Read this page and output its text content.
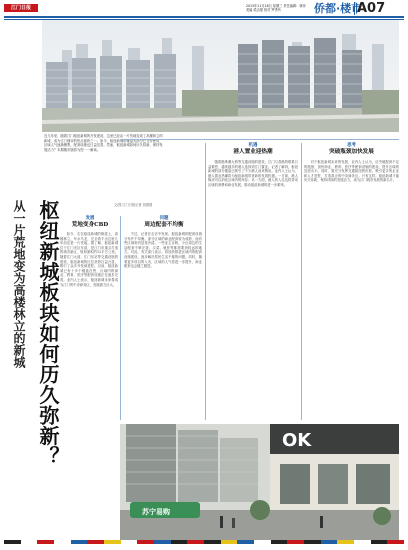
江门日报	2015年11月18日 星期三 责任编辑：林萍 美编 梁志强 校对 罗秀玲	侨都·楼市
A07
近几年来，随着江门枢纽新城的开发建设，这里已经由一片荒地变成了高楼林立的新城，成为江门楼市的热点板块之一。如今，枢纽新城的楼盘大部分已交付使用，区域人气逐渐聚集，配套设施也日益完善。然而，枢纽新城如何历久弥新，保持发展活力？本期楼市版将为您一一解读。
文/图 江门日报记者 刘国强
枢纽新城板块如何历久弥新？
从一片荒地变为高楼林立的新城	发展
荒地变身CBD

如今，走在枢纽新城的街道上，高楼林立，车水马龙，完全看不出这里几年前还是一片荒地。据了解，枢纽新城位于江门市区东部，是江门市重点打造的城市新区，规划面积约12平方公里。随着江门大道、江门东站等交通设施的建设，枢纽新城的区位优势日益凸显，吸引了众多开发商进驻。目前，枢纽新城已有十多个楼盘在售，区域内的商业、教育、医疗等配套设施正在逐步完善。业内人士表示，枢纽新城未来将成为江门的中央商务区，发展潜力巨大。

问题
周边配套不均衡

不过，记者在走访中发现，枢纽新城的配套设施分布并不均衡。部分区域的商业配套较为成熟，而有些区域则仍显得冷清。一些业主反映，小区周边的生活配套不够完善，买菜、就医等都需要到较远的地方。对此，有关部门表示，将加快推进区域内的配套设施建设，逐步解决居民生活不便的问题。同时，随着更多项目的入市，区域的人气将进一步提升，商业配套也会随之跟进。

机遇
港人置业迎热潮

随着港珠澳大桥等交通设施的建设，江门与香港的联系日益紧密，越来越多的港人选择到江门置业。记者了解到，枢纽新城的部分楼盘已吸引了不少港人前来购房。业内人士认为，港人置业热潮将为枢纽新城带来新的发展机遇。一方面，港人购房可以消化区域内的库存；另一方面，港人的入住也将带动区域的消费和商业发展，推动枢纽新城的进一步繁荣。

思考
突破瓶颈加快发展

对于枢纽新城未来的发展，业内人士认为，应突破配套不足的瓶颈，加快商业、教育、医疗等配套设施的建设，提升区域的宜居水平。同时，要充分发挥交通枢纽的优势，吸引更多的企业和人才进驻，打造真正的中央商务区。只有这样，枢纽新城才能历久弥新，保持持续的发展活力，成为江门城市发展的新名片。

OK
苏宁易购
